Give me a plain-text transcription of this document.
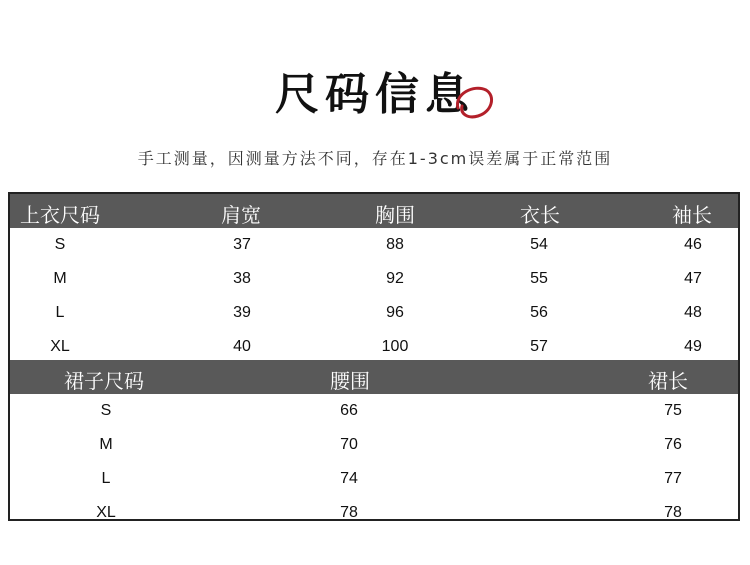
尺码信息
手工测量，因测量方法不同，存在1-3cm误差属于正常范围
上衣尺码	肩宽	胸围	衣长	袖长
S	37	88	54	46
M	38	92	55	47
L	39	96	56	48
XL	40	100	57	49
裙子尺码	腰围	裙长
S	66	75
M	70	76
L	74	77
XL	78	78
